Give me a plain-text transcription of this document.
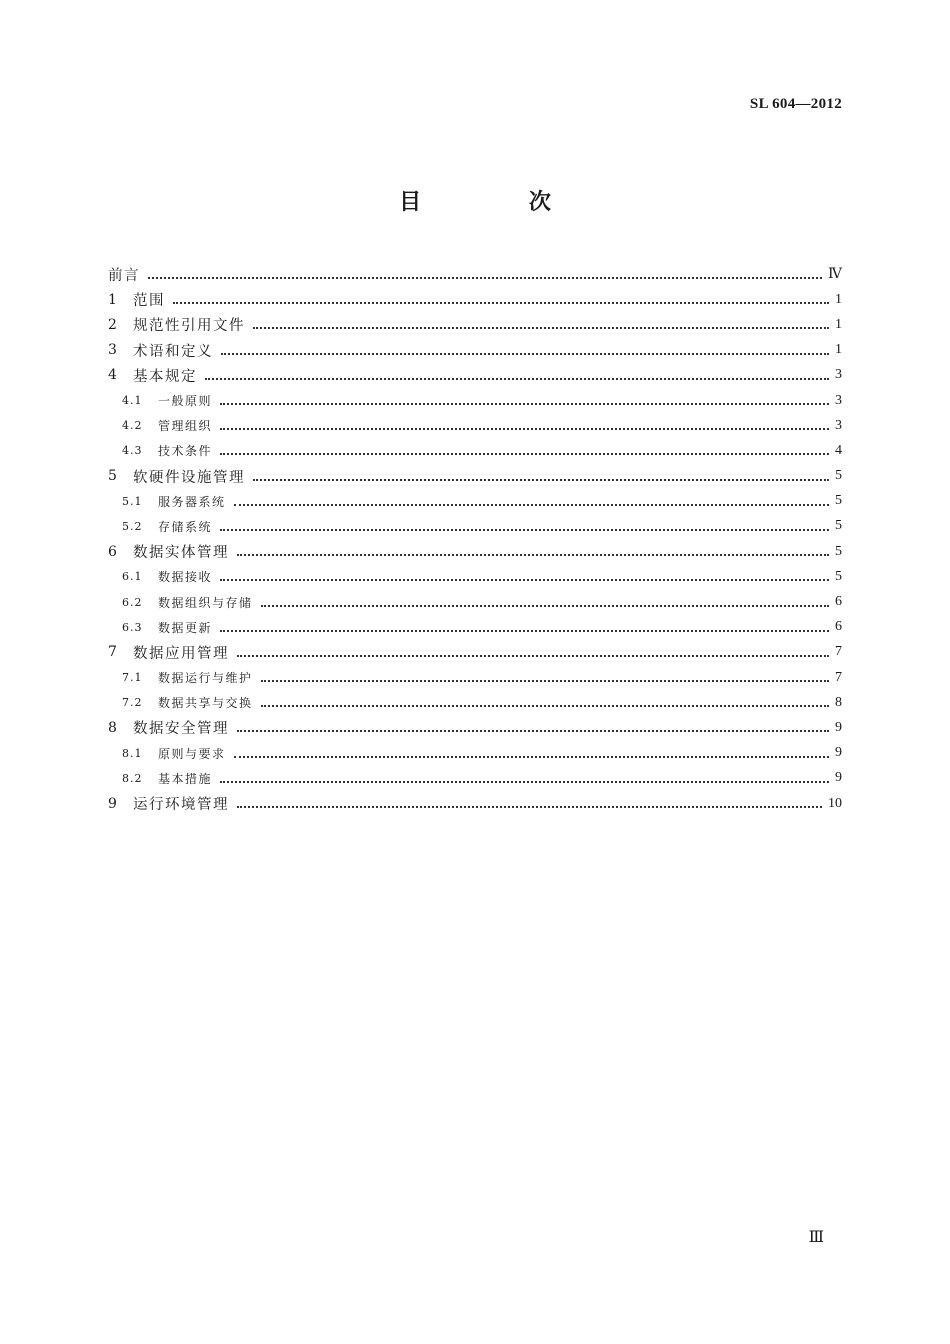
SL 604—2012
目 次
前言	Ⅳ
1	范围	1
2	规范性引用文件	1
3	术语和定义	1
4	基本规定	3
4.1	一般原则	3
4.2	管理组织	3
4.3	技术条件	4
5	软硬件设施管理	5
5.1	服务器系统	5
5.2	存储系统	5
6	数据实体管理	5
6.1	数据接收	5
6.2	数据组织与存储	6
6.3	数据更新	6
7	数据应用管理	7
7.1	数据运行与维护	7
7.2	数据共享与交换	8
8	数据安全管理	9
8.1	原则与要求	9
8.2	基本措施	9
9	运行环境管理	10
Ⅲ
